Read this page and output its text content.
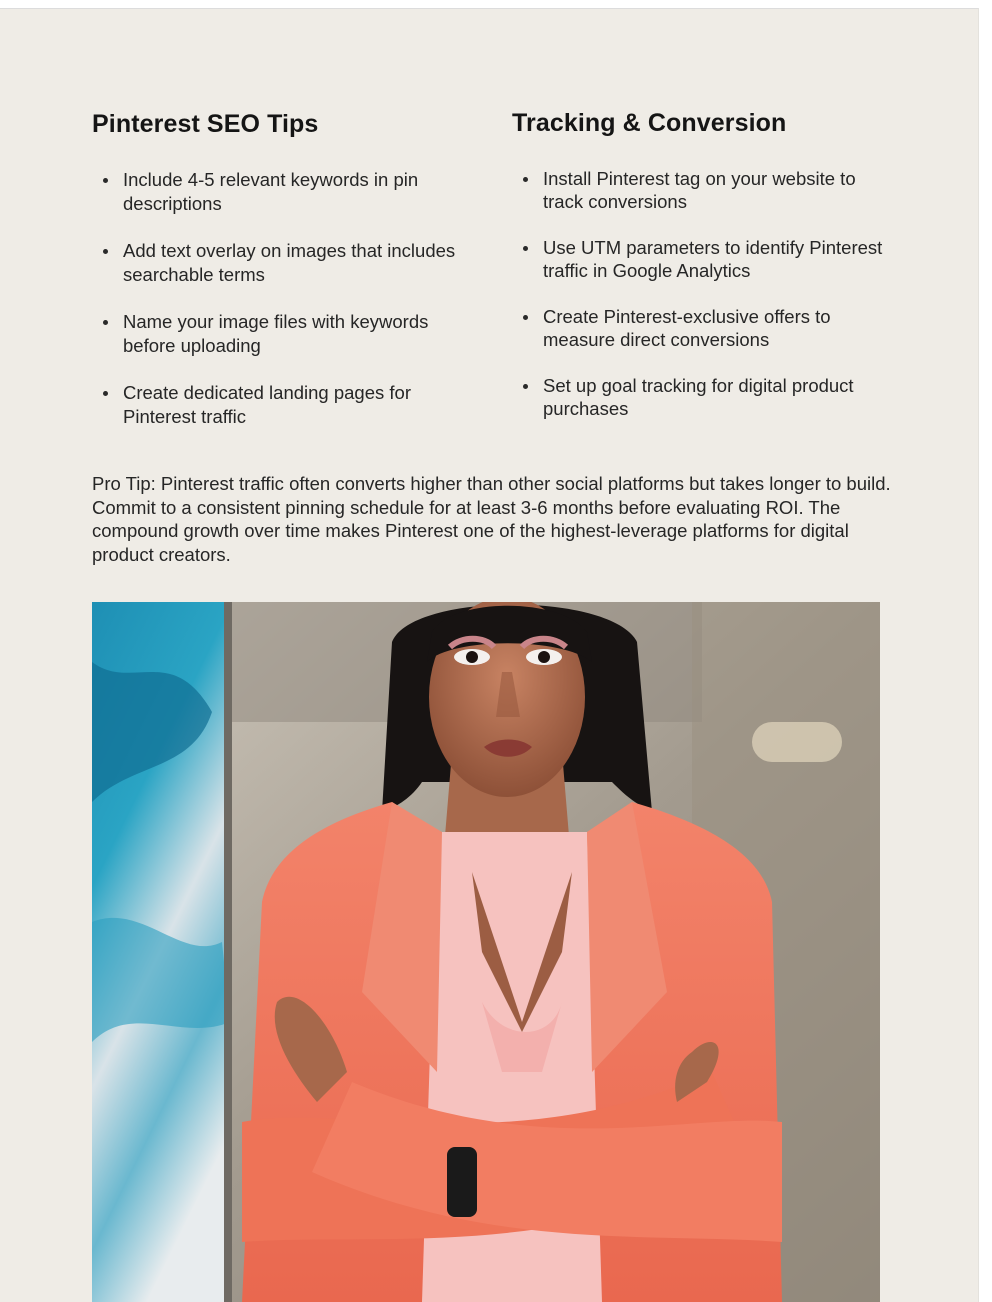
Pinterest SEO Tips
Include 4-5 relevant keywords in pin descriptions
Add text overlay on images that includes searchable terms
Name your image files with keywords before uploading
Create dedicated landing pages for Pinterest traffic
Tracking & Conversion
Install Pinterest tag on your website to track conversions
Use UTM parameters to identify Pinterest traffic in Google Analytics
Create Pinterest-exclusive offers to measure direct conversions
Set up goal tracking for digital product purchases

Pro Tip: Pinterest traffic often converts higher than other social platforms but takes longer to build. Commit to a consistent pinning schedule for at least 3-6 months before evaluating ROI. The compound growth over time makes Pinterest one of the highest-leverage platforms for digital product creators.
